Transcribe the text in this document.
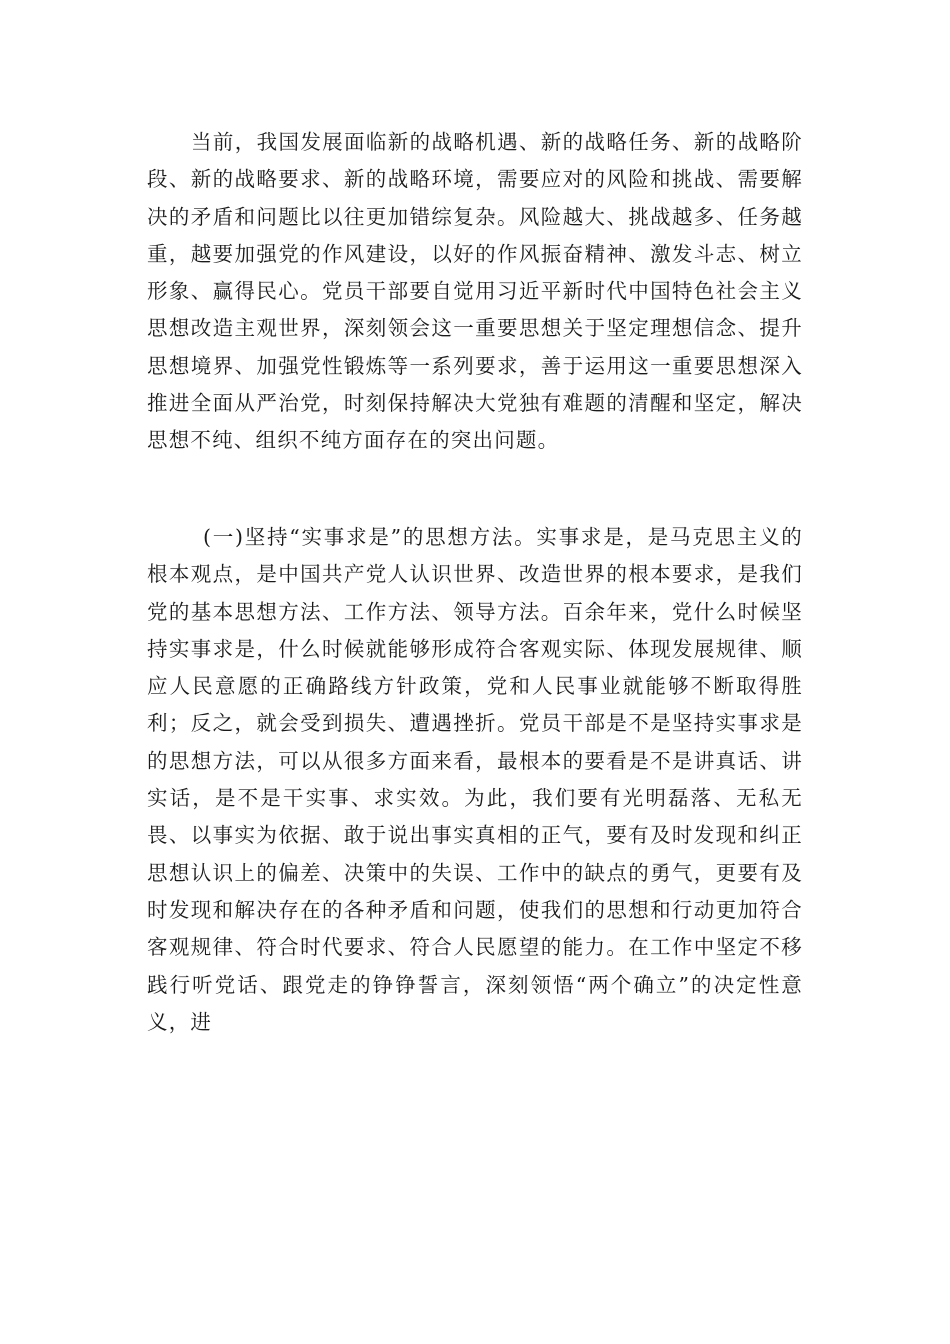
当前，我国发展面临新的战略机遇、新的战略任务、新的战略阶段、新的战略要求、新的战略环境，需要应对的风险和挑战、需要解决的矛盾和问题比以往更加错综复杂。风险越大、挑战越多、任务越重，越要加强党的作风建设，以好的作风振奋精神、激发斗志、树立形象、赢得民心。党员干部要自觉用习近平新时代中国特色社会主义思想改造主观世界，深刻领会这一重要思想关于坚定理想信念、提升思想境界、加强党性锻炼等一系列要求，善于运用这一重要思想深入推进全面从严治党，时刻保持解决大党独有难题的清醒和坚定，解决思想不纯、组织不纯方面存在的突出问题。

(一)坚持“实事求是”的思想方法。实事求是，是马克思主义的根本观点，是中国共产党人认识世界、改造世界的根本要求，是我们党的基本思想方法、工作方法、领导方法。百余年来，党什么时候坚持实事求是，什么时候就能够形成符合客观实际、体现发展规律、顺应人民意愿的正确路线方针政策，党和人民事业就能够不断取得胜利；反之，就会受到损失、遭遇挫折。党员干部是不是坚持实事求是的思想方法，可以从很多方面来看，最根本的要看是不是讲真话、讲实话，是不是干实事、求实效。为此，我们要有光明磊落、无私无畏、以事实为依据、敢于说出事实真相的正气，要有及时发现和纠正思想认识上的偏差、决策中的失误、工作中的缺点的勇气，更要有及时发现和解决存在的各种矛盾和问题，使我们的思想和行动更加符合客观规律、符合时代要求、符合人民愿望的能力。在工作中坚定不移践行听党话、跟党走的铮铮誓言，深刻领悟“两个确立”的决定性意义，进
